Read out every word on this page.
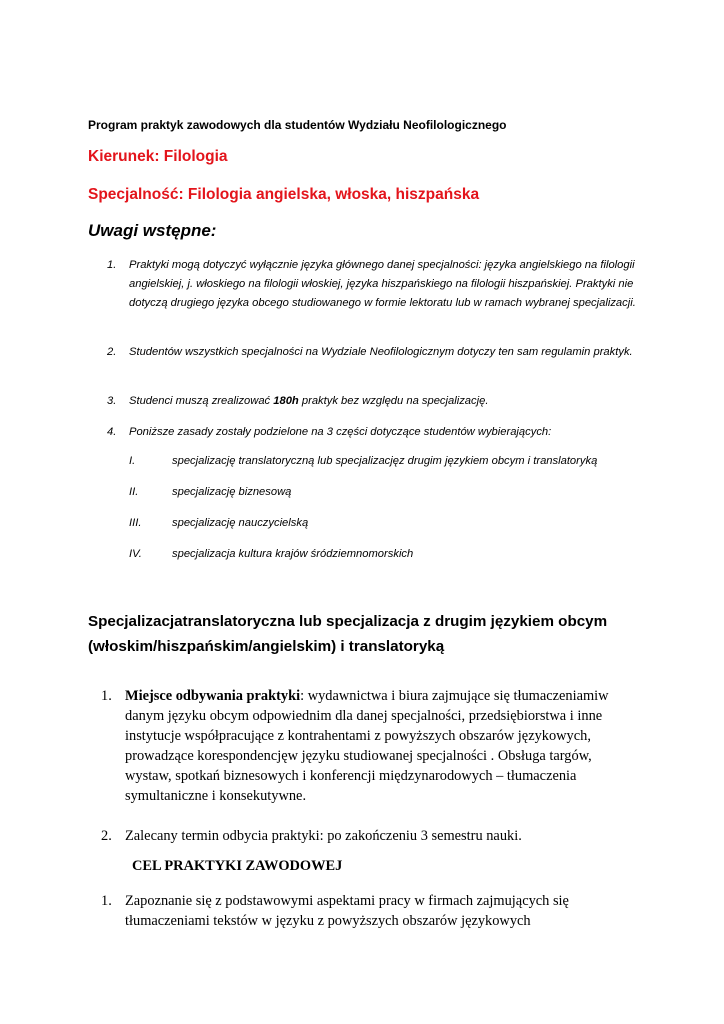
Program praktyk zawodowych dla studentów Wydziału Neofilologicznego
Kierunek: Filologia
Specjalność: Filologia angielska, włoska, hiszpańska
Uwagi wstępne:
1. Praktyki mogą dotyczyć wyłącznie języka głównego danej specjalności: języka angielskiego na filologii angielskiej, j. włoskiego na filologii włoskiej, języka hiszpańskiego na filologii hiszpańskiej. Praktyki nie dotyczą drugiego języka obcego studiowanego w formie lektoratu lub w ramach wybranej specjalizacji.
2. Studentów wszystkich specjalności na Wydziale Neofilologicznym dotyczy ten sam regulamin praktyk.
3. Studenci muszą zrealizować 180h praktyk bez względu na specjalizację.
4. Poniższe zasady zostały podzielone na 3 części dotyczące studentów wybierających:
I.	specjalizację translatoryczną lub specjalizacjęz drugim językiem obcym i translatoryką
II.	specjalizację biznesową
III.	specjalizację nauczycielską
IV.	specjalizacja kultura krajów śródziemnomorskich
Specjalizacjatranslatoryczna lub specjalizacja z drugim językiem obcym (włoskim/hiszpańskim/angielskim) i translatoryką
1. Miejsce odbywania praktyki: wydawnictwa i biura zajmujące się tłumaczeniamiw danym języku obcym odpowiednim dla danej specjalności, przedsiębiorstwa i inne instytucje współpracujące z kontrahentami z powyższych obszarów językowych, prowadzące korespondencjęw języku studiowanej specjalności . Obsługa targów, wystaw, spotkań biznesowych i konferencji międzynarodowych – tłumaczenia symultaniczne i konsekutywne.
2. Zalecany termin odbycia praktyki: po zakończeniu 3 semestru nauki.
CEL PRAKTYKI ZAWODOWEJ
1. Zapoznanie się z podstawowymi aspektami pracy w firmach zajmujących się tłumaczeniami tekstów w języku z powyższych obszarów językowych
